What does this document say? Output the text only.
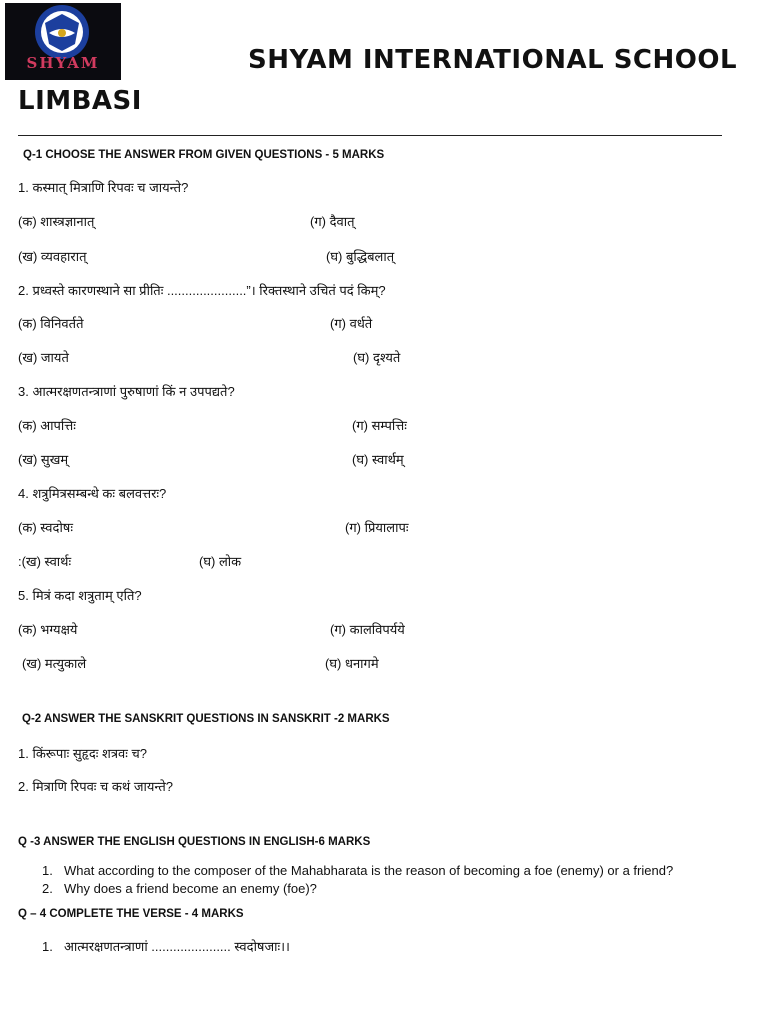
SHYAM	SHYAM INTERNATIONAL SCHOOL
LIMBASI
Q-1 CHOOSE THE ANSWER FROM GIVEN QUESTIONS - 5 MARKS
1. कस्मात् मित्राणि रिपवः च जायन्ते?
(क) शास्त्रज्ञानात्	(ग) दैवात्
(ख) व्यवहारात्	(घ) बुद्धिबलात्
2. प्रध्वस्ते कारणस्थाने सा प्रीतिः ......................”। रिक्तस्थाने उचितं पदं किम्?
(क) विनिवर्तते	(ग) वर्धते
(ख) जायते	(घ) दृश्यते
3. आत्मरक्षणतन्त्राणां पुरुषाणां किं न उपपद्यते?
(क) आपत्तिः	(ग) सम्पत्तिः
(ख) सुखम्	(घ) स्वार्थम्
4. शत्रुमित्रसम्बन्धे कः बलवत्तरः?
(क) स्वदोषः	(ग) प्रियालापः
:(ख) स्वार्थः	(घ) लोक
5. मित्रं कदा शत्रुताम् एति?
(क) भग्यक्षये	(ग) कालविपर्यये
(ख) मत्युकाले	(घ) धनागमे
Q-2 ANSWER THE SANSKRIT QUESTIONS IN SANSKRIT -2 MARKS
1. किंरूपाः सुहृदः शत्रवः च?
2. मित्राणि रिपवः च कथं जायन्ते?
Q -3 ANSWER THE ENGLISH QUESTIONS IN ENGLISH-6 MARKS
1. What according to the composer of the Mahabharata is the reason of becoming a foe (enemy) or a friend?
2. Why does a friend become an enemy (foe)?
Q – 4 COMPLETE THE VERSE - 4 MARKS
1. आत्मरक्षणतन्त्राणां ...................... स्वदोषजाः।।
